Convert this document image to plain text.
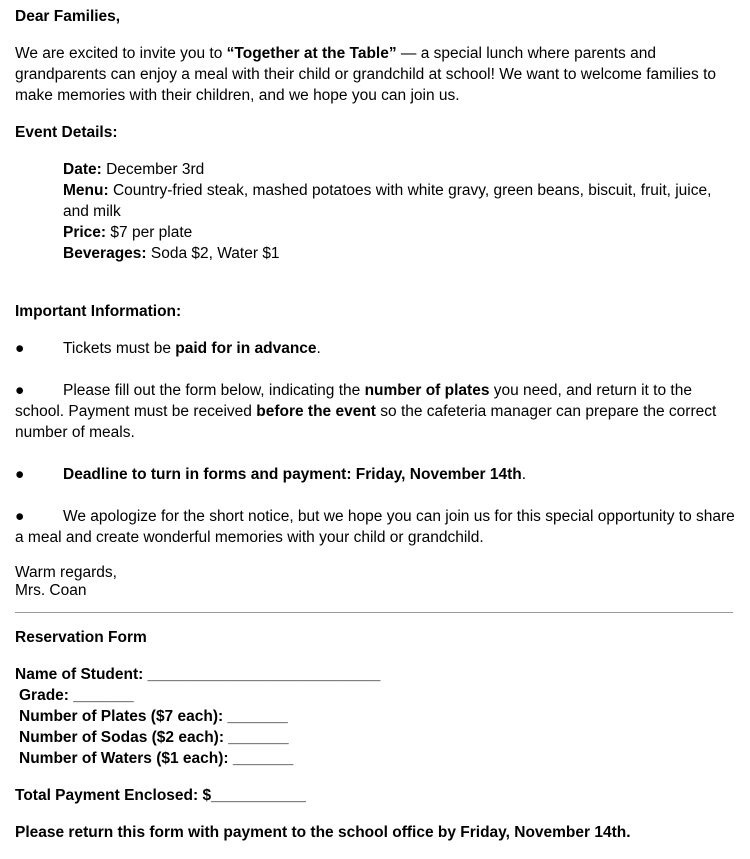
Dear Families,

We are excited to invite you to “Together at the Table” — a special lunch where parents and grandparents can enjoy a meal with their child or grandchild at school! We want to welcome families to make memories with their children, and we hope you can join us.

Event Details:

Date: December 3rd

Menu: Country-fried steak, mashed potatoes with white gravy, green beans, biscuit, fruit, juice, and milk

Price: $7 per plate

Beverages: Soda $2, Water $1

Important Information:

● Tickets must be paid for in advance.

● Please fill out the form below, indicating the number of plates you need, and return it to the school. Payment must be received before the event so the cafeteria manager can prepare the correct number of meals.

● Deadline to turn in forms and payment: Friday, November 14th.

● We apologize for the short notice, but we hope you can join us for this special opportunity to share a meal and create wonderful memories with your child or grandchild.

Warm regards,

Mrs. Coan

Reservation Form

Name of Student: ___________________________

Grade: _______

Number of Plates ($7 each): _______

Number of Sodas ($2 each): _______

Number of Waters ($1 each): _______

Total Payment Enclosed: $___________

Please return this form with payment to the school office by Friday, November 14th.
